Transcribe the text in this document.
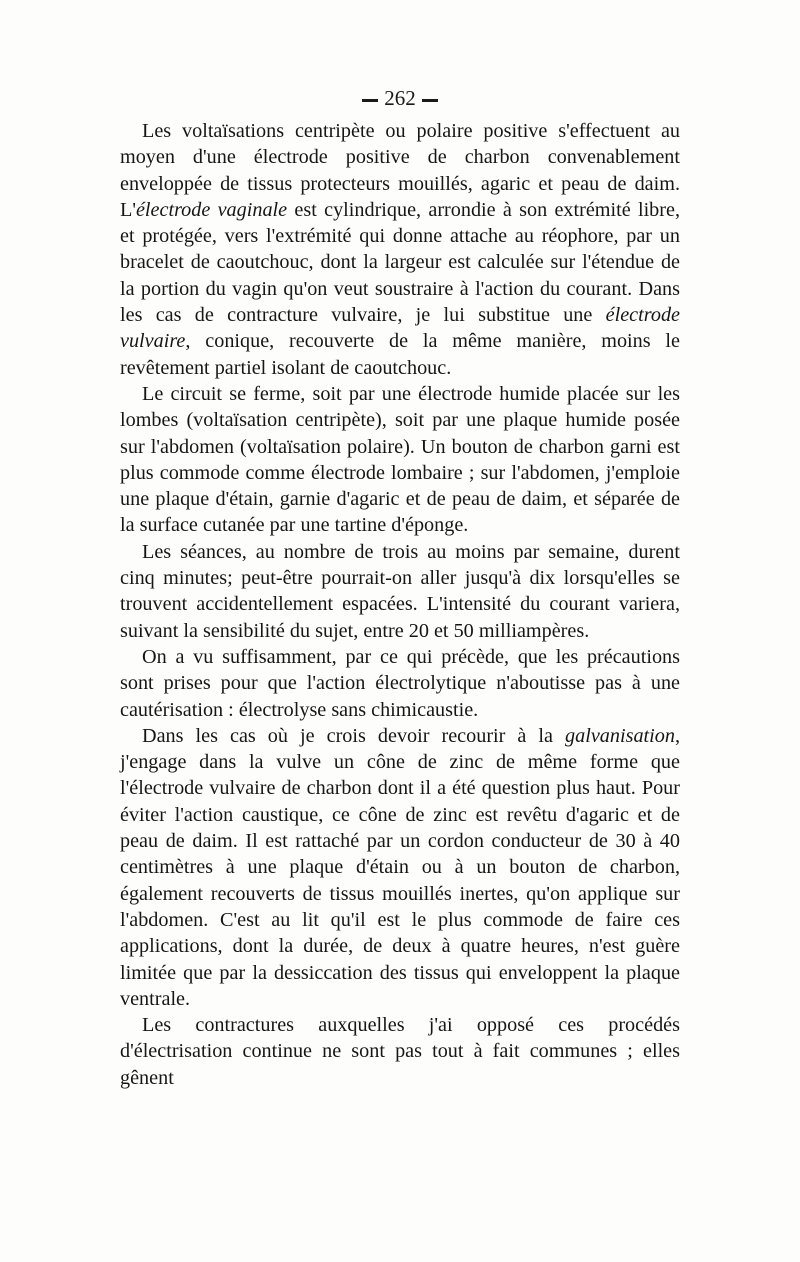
262

Les voltaïsations centripète ou polaire positive s'effectuent au moyen d'une électrode positive de charbon convenablement enveloppée de tissus protecteurs mouillés, agaric et peau de daim. L'électrode vaginale est cylindrique, arrondie à son extrémité libre, et protégée, vers l'extrémité qui donne attache au réophore, par un bracelet de caoutchouc, dont la largeur est calculée sur l'étendue de la portion du vagin qu'on veut soustraire à l'action du courant. Dans les cas de contracture vulvaire, je lui substitue une électrode vulvaire, conique, recouverte de la même manière, moins le revêtement partiel isolant de caoutchouc.

Le circuit se ferme, soit par une électrode humide placée sur les lombes (voltaïsation centripète), soit par une plaque humide posée sur l'abdomen (voltaïsation polaire). Un bouton de charbon garni est plus commode comme électrode lombaire ; sur l'abdomen, j'emploie une plaque d'étain, garnie d'agaric et de peau de daim, et séparée de la surface cutanée par une tartine d'éponge.

Les séances, au nombre de trois au moins par semaine, durent cinq minutes; peut-être pourrait-on aller jusqu'à dix lorsqu'elles se trouvent accidentellement espacées. L'intensité du courant variera, suivant la sensibilité du sujet, entre 20 et 50 milliampères.

On a vu suffisamment, par ce qui précède, que les précautions sont prises pour que l'action électrolytique n'aboutisse pas à une cautérisation : électrolyse sans chimicaustie.

Dans les cas où je crois devoir recourir à la galvanisation, j'engage dans la vulve un cône de zinc de même forme que l'électrode vulvaire de charbon dont il a été question plus haut. Pour éviter l'action caustique, ce cône de zinc est revêtu d'agaric et de peau de daim. Il est rattaché par un cordon conducteur de 30 à 40 centimètres à une plaque d'étain ou à un bouton de charbon, également recouverts de tissus mouillés inertes, qu'on applique sur l'abdomen. C'est au lit qu'il est le plus commode de faire ces applications, dont la durée, de deux à quatre heures, n'est guère limitée que par la dessiccation des tissus qui enveloppent la plaque ventrale.

Les contractures auxquelles j'ai opposé ces procédés d'électrisation continue ne sont pas tout à fait communes ; elles gênent
